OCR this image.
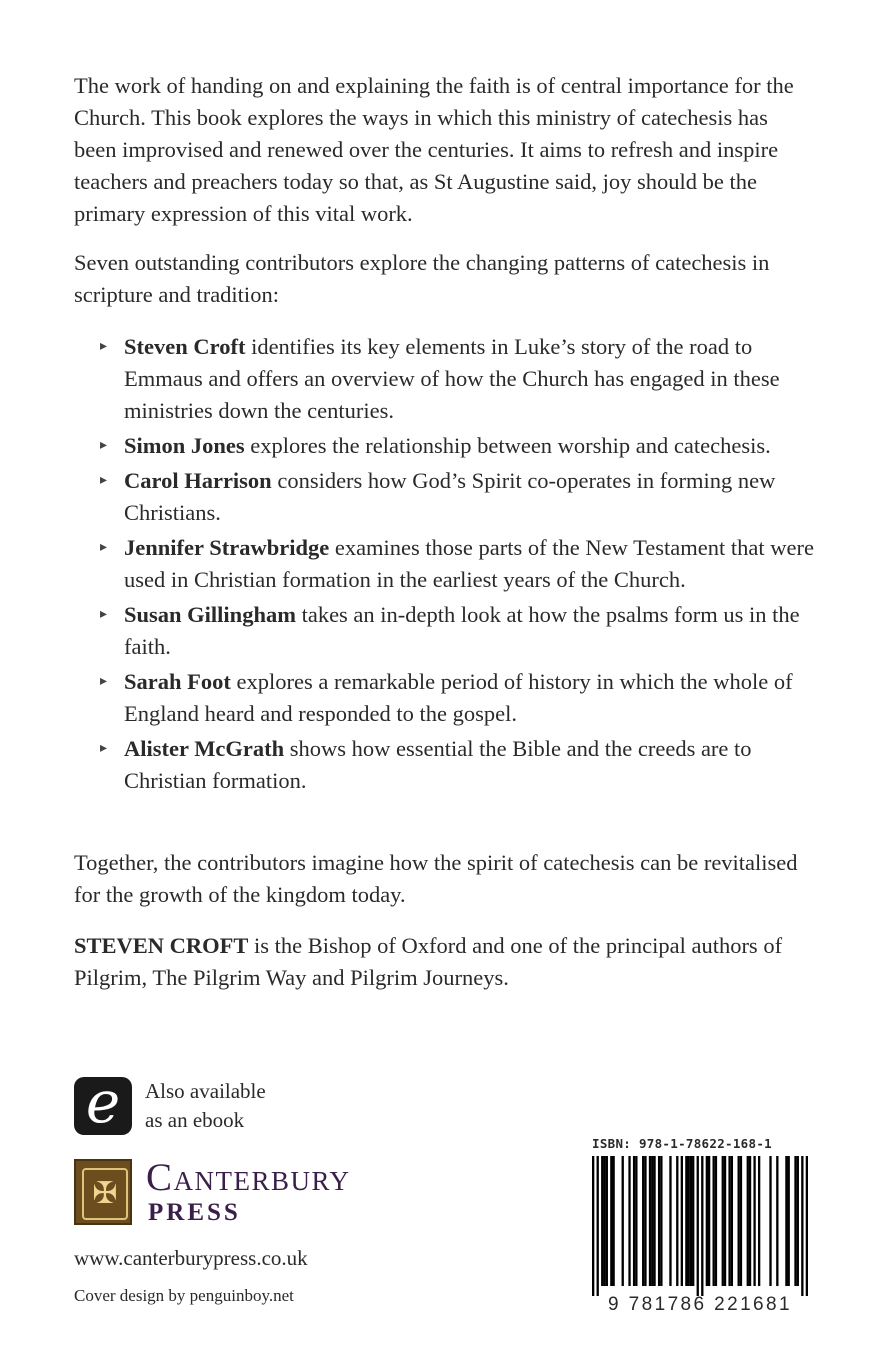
The work of handing on and explaining the faith is of central importance for the Church. This book explores the ways in which this ministry of catechesis has been improvised and renewed over the centuries. It aims to refresh and inspire teachers and preachers today so that, as St Augustine said, joy should be the primary expression of this vital work.
Seven outstanding contributors explore the changing patterns of catechesis in scripture and tradition:
▸ Steven Croft identifies its key elements in Luke’s story of the road to Emmaus and offers an overview of how the Church has engaged in these ministries down the centuries.
▸ Simon Jones explores the relationship between worship and catechesis.
▸ Carol Harrison considers how God’s Spirit co-operates in forming new Christians.
▸ Jennifer Strawbridge examines those parts of the New Testament that were used in Christian formation in the earliest years of the Church.
▸ Susan Gillingham takes an in-depth look at how the psalms form us in the faith.
▸ Sarah Foot explores a remarkable period of history in which the whole of England heard and responded to the gospel.
▸ Alister McGrath shows how essential the Bible and the creeds are to Christian formation.
Together, the contributors imagine how the spirit of catechesis can be revitalised for the growth of the kingdom today.
STEVEN CROFT is the Bishop of Oxford and one of the principal authors of Pilgrim, The Pilgrim Way and Pilgrim Journeys.
e	Also available
as an ebook
✠ Canterbury
PRESS
www.canterburypress.co.uk
Cover design by penguinboy.net
ISBN: 978-1-78622-168-1
9 781786 221681
